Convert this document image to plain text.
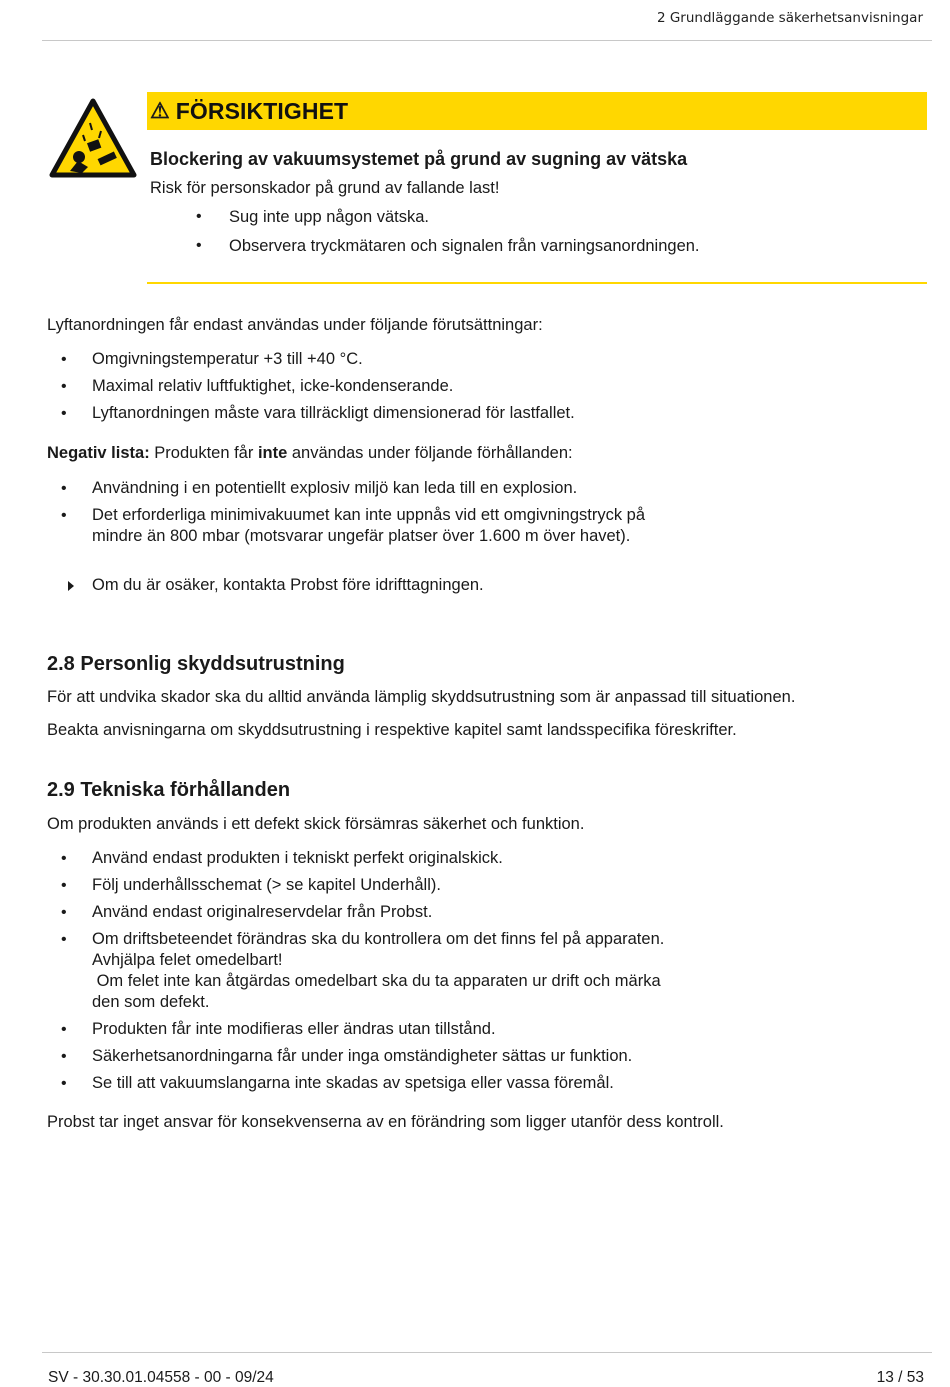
2 Grundläggande säkerhetsanvisningar
⚠ FÖRSIKTIGHET
Blockering av vakuumsystemet på grund av sugning av vätska
Risk för personskador på grund av fallande last!
• Sug inte upp någon vätska.
• Observera tryckmätaren och signalen från varningsanordningen.
Lyftanordningen får endast användas under följande förutsättningar:
• Omgivningstemperatur +3 till +40 °C.
• Maximal relativ luftfuktighet, icke-kondenserande.
• Lyftanordningen måste vara tillräckligt dimensionerad för lastfallet.
Negativ lista: Produkten får inte användas under följande förhållanden:
• Användning i en potentiellt explosiv miljö kan leda till en explosion.
• Det erforderliga minimivakuumet kan inte uppnås vid ett omgivningstryck på
mindre än 800 mbar (motsvarar ungefär platser över 1.600 m över havet).
Om du är osäker, kontakta Probst före idrifttagningen.
2.8 Personlig skyddsutrustning
För att undvika skador ska du alltid använda lämplig skyddsutrustning som är anpassad till situationen.
Beakta anvisningarna om skyddsutrustning i respektive kapitel samt landsspecifika föreskrifter.
2.9 Tekniska förhållanden
Om produkten används i ett defekt skick försämras säkerhet och funktion.
• Använd endast produkten i tekniskt perfekt originalskick.
• Följ underhållsschemat (> se kapitel Underhåll).
• Använd endast originalreservdelar från Probst.
• Om driftsbeteendet förändras ska du kontrollera om det finns fel på apparaten.
Avhjälpa felet omedelbart!
Om felet inte kan åtgärdas omedelbart ska du ta apparaten ur drift och märka
den som defekt.
• Produkten får inte modifieras eller ändras utan tillstånd.
• Säkerhetsanordningarna får under inga omständigheter sättas ur funktion.
• Se till att vakuumslangarna inte skadas av spetsiga eller vassa föremål.
Probst tar inget ansvar för konsekvenserna av en förändring som ligger utanför dess kontroll.
SV - 30.30.01.04558 - 00 - 09/24	13 / 53
